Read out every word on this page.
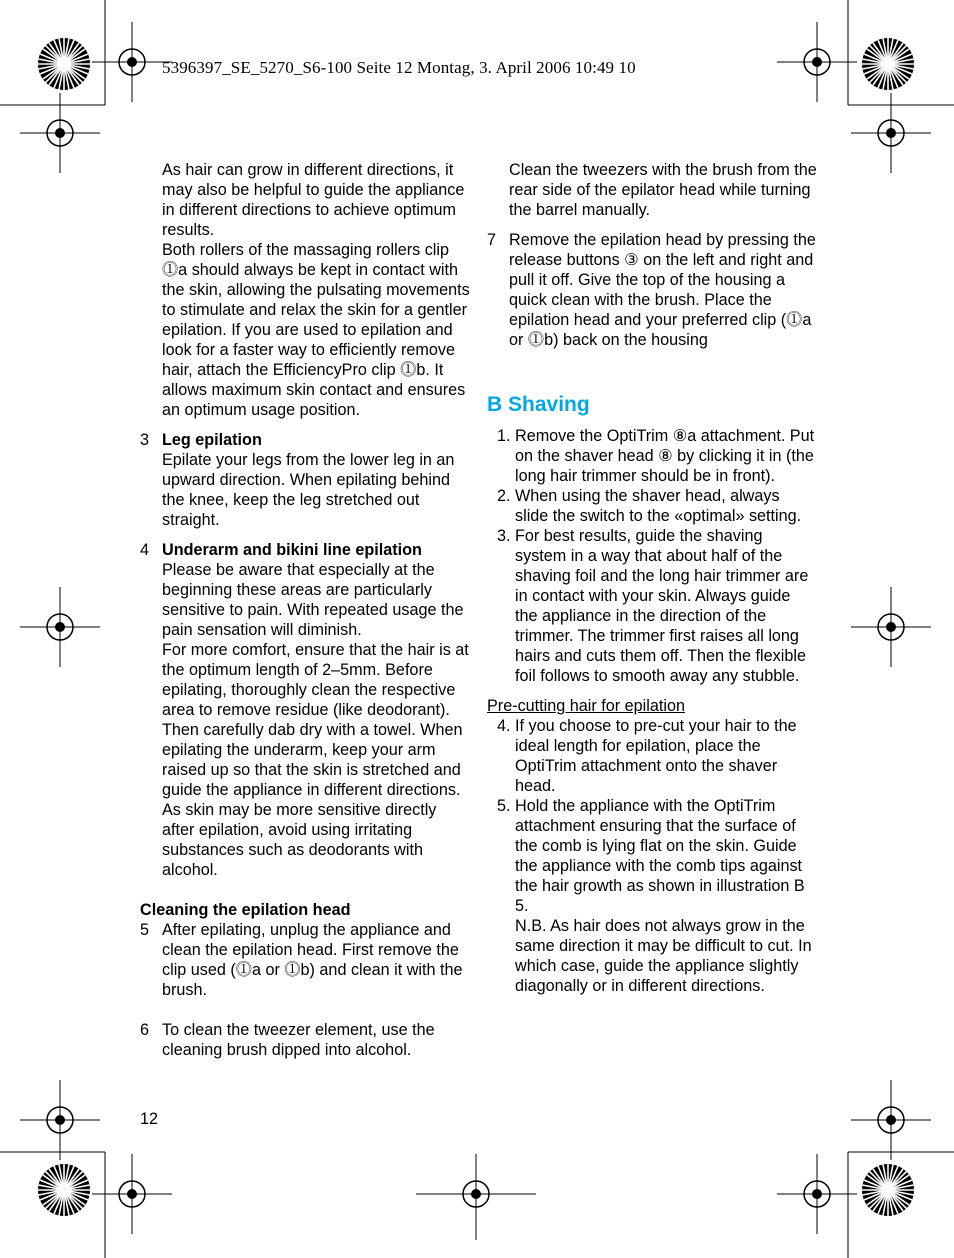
5396397_SE_5270_S6-100 Seite 12 Montag, 3. April 2006 10:49 10

As hair can grow in different directions, it may also be helpful to guide the appliance in different directions to achieve optimum results.

Both rollers of the massaging rollers clip ⓵a should always be kept in contact with the skin, allowing the pulsating movements to stimulate and relax the skin for a gentler epilation. If you are used to epilation and look for a faster way to efficiently remove hair, attach the EfficiencyPro clip ⓵b. It allows maximum skin contact and ensures an optimum usage position.

3 Leg epilation
Epilate your legs from the lower leg in an upward direction. When epilating behind the knee, keep the leg stretched out straight.
4 Underarm and bikini line epilation
Please be aware that especially at the beginning these areas are particularly sensitive to pain. With repeated usage the pain sensation will diminish.
For more comfort, ensure that the hair is at the optimum length of 2–5mm. Before epilating, thoroughly clean the respective area to remove residue (like deodorant). Then carefully dab dry with a towel. When epilating the underarm, keep your arm raised up so that the skin is stretched and guide the appliance in different directions.
As skin may be more sensitive directly after epilation, avoid using irritating substances such as deodorants with alcohol.
Cleaning the epilation head
5 After epilating, unplug the appliance and clean the epilation head. First remove the clip used (⓵a or ⓵b) and clean it with the brush.
6 To clean the tweezer element, use the cleaning brush dipped into alcohol.

Clean the tweezers with the brush from the rear side of the epilator head while turning the barrel manually.

7 Remove the epilation head by pressing the release buttons ③ on the left and right and pull it off. Give the top of the housing a quick clean with the brush. Place the epilation head and your preferred clip (⓵a or ⓵b) back on the housing
B Shaving
1. Remove the OptiTrim ⑧a attachment. Put on the shaver head ⑧ by clicking it in (the long hair trimmer should be in front).
2. When using the shaver head, always slide the switch to the «optimal» setting.
3. For best results, guide the shaving system in a way that about half of the shaving foil and the long hair trimmer are in contact with your skin. Always guide the appliance in the direction of the trimmer. The trimmer first raises all long hairs and cuts them off. Then the flexible foil follows to smooth away any stubble.
Pre-cutting hair for epilation
4. If you choose to pre-cut your hair to the ideal length for epilation, place the OptiTrim attachment onto the shaver head.
5. Hold the appliance with the OptiTrim attachment ensuring that the surface of the comb is lying flat on the skin. Guide the appliance with the comb tips against the hair growth as shown in illustration B 5.
N.B. As hair does not always grow in the same direction it may be difficult to cut. In which case, guide the appliance slightly diagonally or in different directions.
12
